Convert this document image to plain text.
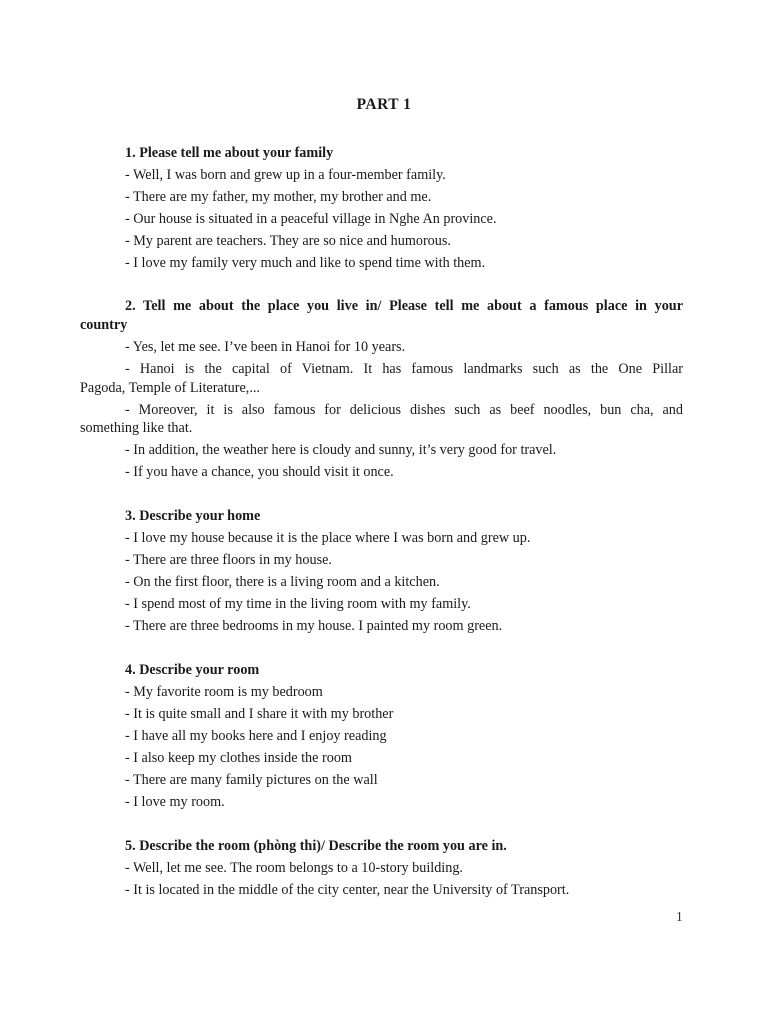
PART 1
1. Please tell me about your family
- Well, I was born and grew up in a four-member family.
- There are my father, my mother, my brother and me.
- Our house is situated in a peaceful village in Nghe An province.
- My parent are teachers. They are so nice and humorous.
- I love my family very much and like to spend time with them.
2. Tell me about the place you live in/ Please tell me about a famous place in your
country
- Yes, let me see. I’ve been in Hanoi for 10 years.
- Hanoi is the capital of Vietnam. It has famous landmarks such as the One Pillar
Pagoda, Temple of Literature,...
- Moreover, it is also famous for delicious dishes such as beef noodles, bun cha, and
something like that.
- In addition, the weather here is cloudy and sunny, it’s very good for travel.
- If you have a chance, you should visit it once.
3. Describe your home
- I love my house because it is the place where I was born and grew up.
- There are three floors in my house.
- On the first floor, there is a living room and a kitchen.
- I spend most of my time in the living room with my family.
- There are three bedrooms in my house. I painted my room green.
4. Describe your room
- My favorite room is my bedroom
- It is quite small and I share it with my brother
- I have all my books here and I enjoy reading
- I also keep my clothes inside the room
- There are many family pictures on the wall
- I love my room.
5. Describe the room (phòng thi)/ Describe the room you are in.
- Well, let me see. The room belongs to a 10-story building.
- It is located in the middle of the city center, near the University of Transport.
1
